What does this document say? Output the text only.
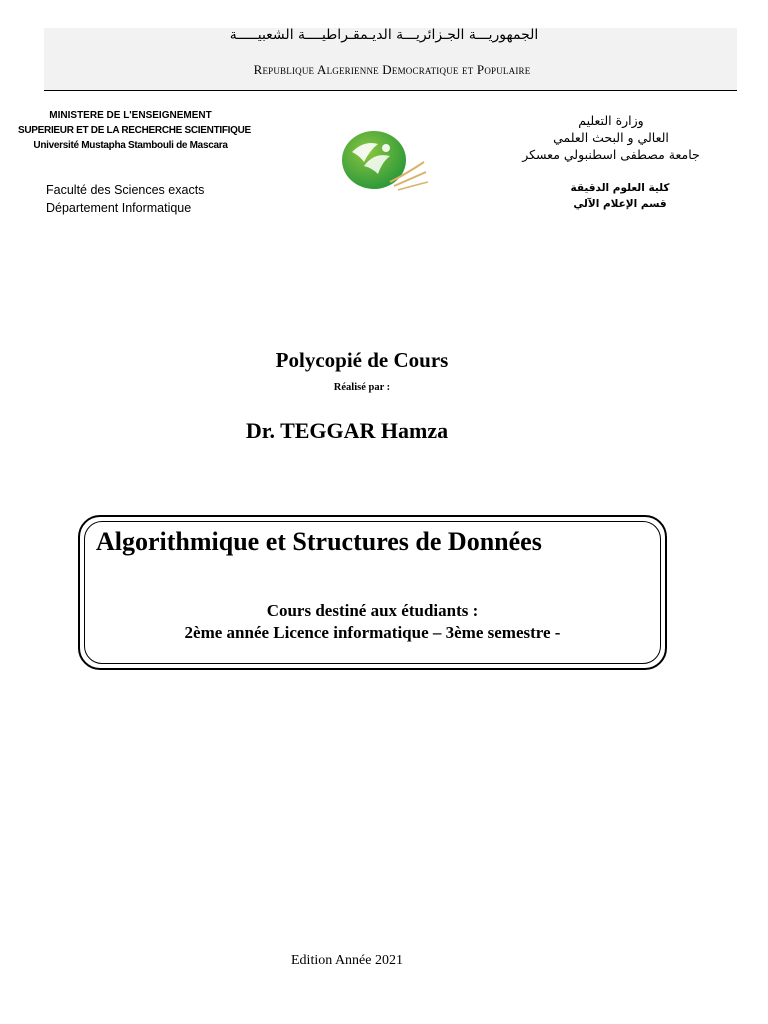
الجمهوريـــة الجـزائريـــة الديـمقـراطيــــة الشعبيـــــة
Republique Algerienne Democratique et Populaire
MINISTERE DE L'ENSEIGNEMENT
SUPERIEUR ET DE LA RECHERCHE SCIENTIFIQUE
Université Mustapha Stambouli de Mascara
Faculté des Sciences exacts
Département Informatique
وزارة التعليم
العالي و البحث العلمي
جامعة مصطفى اسطنبولي معسكر
كلية العلوم الدقيقة
قسم الإعلام الآلي
Polycopié de Cours
Réalisé par :
Dr. TEGGAR Hamza
Algorithmique et Structures de Données
Cours destiné aux étudiants :
2ème année Licence informatique – 3ème semestre -
Edition Année 2021
